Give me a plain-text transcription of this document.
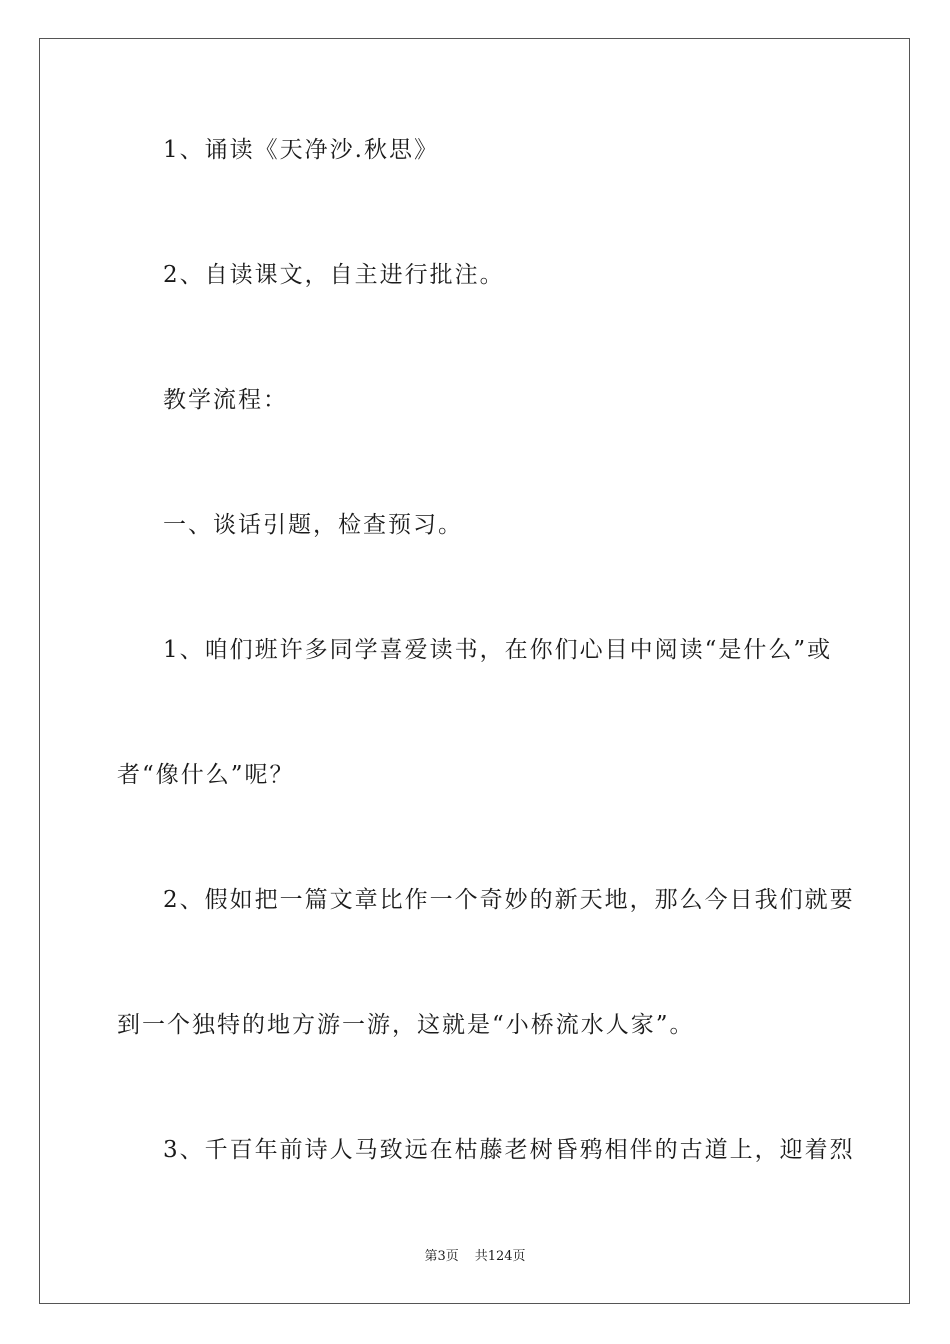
1、诵读《天净沙.秋思》
2、自读课文，自主进行批注。
教学流程：
一、谈话引题，检查预习。
1、咱们班许多同学喜爱读书，在你们心目中阅读“是什么”或
者“像什么”呢？
2、假如把一篇文章比作一个奇妙的新天地，那么今日我们就要
到一个独特的地方游一游，这就是“小桥流水人家”。
3、千百年前诗人马致远在枯藤老树昏鸦相伴的古道上，迎着烈
第3页 共124页
